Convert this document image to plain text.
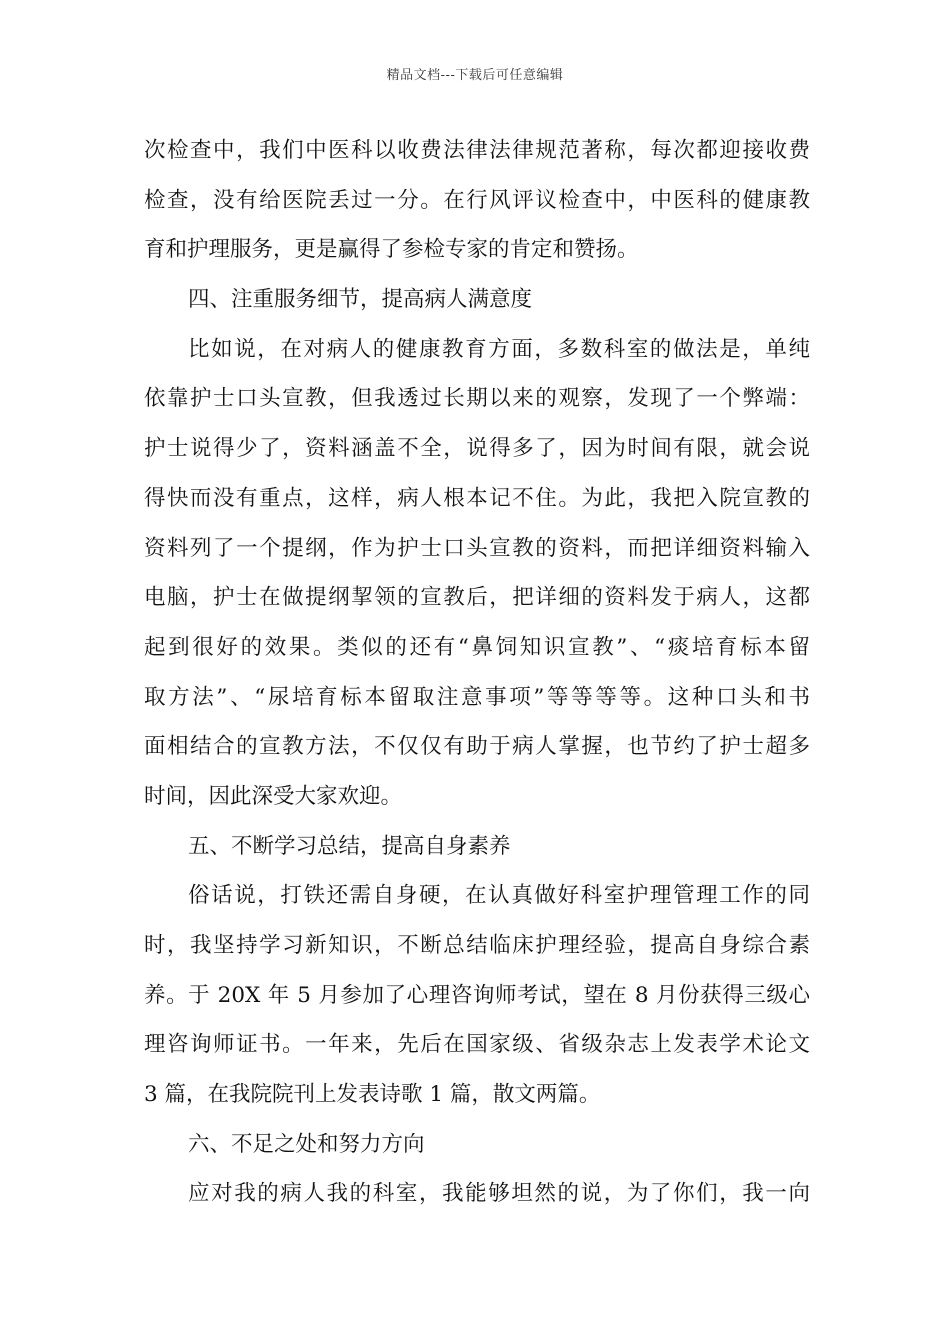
精品文档---下载后可任意编辑
次检查中，我们中医科以收费法律法律规范著称，每次都迎接收费
检查，没有给医院丢过一分。在行风评议检查中，中医科的健康教
育和护理服务，更是赢得了参检专家的肯定和赞扬。
四、注重服务细节，提高病人满意度
比如说，在对病人的健康教育方面，多数科室的做法是，单纯
依靠护士口头宣教，但我透过长期以来的观察，发现了一个弊端：
护士说得少了，资料涵盖不全，说得多了，因为时间有限，就会说
得快而没有重点，这样，病人根本记不住。为此，我把入院宣教的
资料列了一个提纲，作为护士口头宣教的资料，而把详细资料输入
电脑，护士在做提纲挈领的宣教后，把详细的资料发于病人，这都
起到很好的效果。类似的还有“鼻饲知识宣教”、“痰培育标本留
取方法”、“尿培育标本留取注意事项”等等等等。这种口头和书
面相结合的宣教方法，不仅仅有助于病人掌握，也节约了护士超多
时间，因此深受大家欢迎。
五、不断学习总结，提高自身素养
俗话说，打铁还需自身硬，在认真做好科室护理管理工作的同
时，我坚持学习新知识，不断总结临床护理经验，提高自身综合素
养。于 20X 年 5 月参加了心理咨询师考试，望在 8 月份获得三级心
理咨询师证书。一年来，先后在国家级、省级杂志上发表学术论文
3 篇，在我院院刊上发表诗歌 1 篇，散文两篇。
六、不足之处和努力方向
应对我的病人我的科室，我能够坦然的说，为了你们，我一向
